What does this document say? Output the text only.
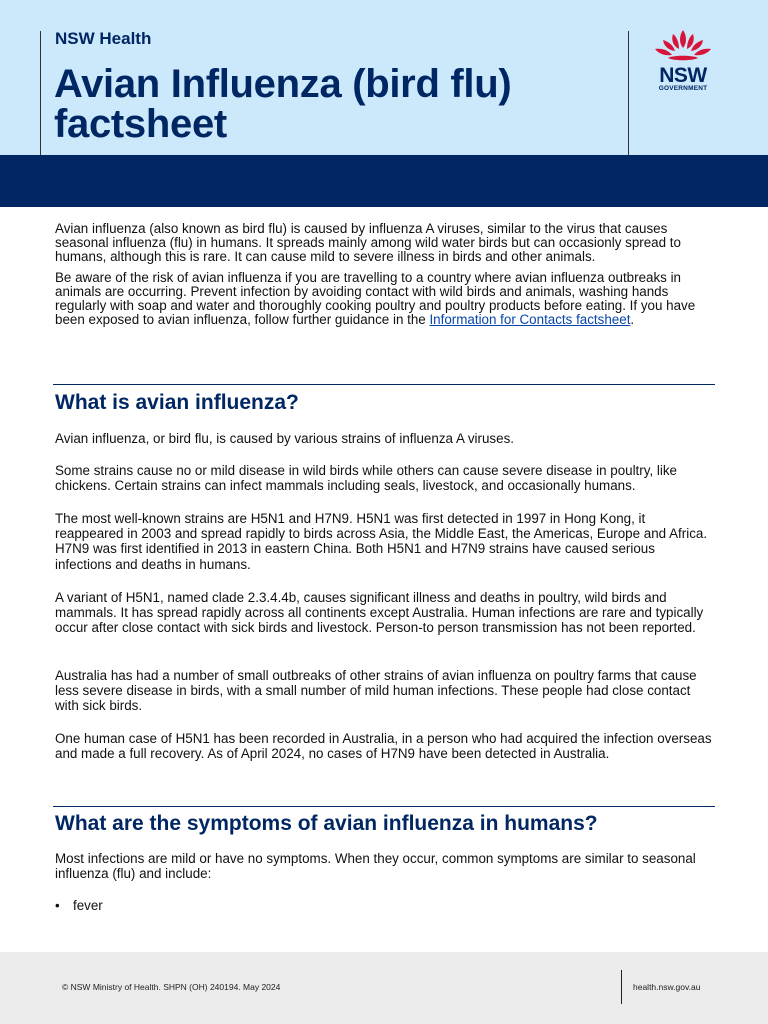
NSW Health
Avian Influenza (bird flu) factsheet
NSW
GOVERNMENT

Avian influenza (also known as bird flu) is caused by influenza A viruses, similar to the virus that causes seasonal influenza (flu) in humans. It spreads mainly among wild water birds but can occasionly spread to humans, although this is rare. It can cause mild to severe illness in birds and other animals.

Be aware of the risk of avian influenza if you are travelling to a country where avian influenza outbreaks in animals are occurring. Prevent infection by avoiding contact with wild birds and animals, washing hands regularly with soap and water and thoroughly cooking poultry and poultry products before eating. If you have been exposed to avian influenza, follow further guidance in the Information for Contacts factsheet.

What is avian influenza?
Avian influenza, or bird flu, is caused by various strains of influenza A viruses.
Some strains cause no or mild disease in wild birds while others can cause severe disease in poultry, like chickens. Certain strains can infect mammals including seals, livestock, and occasionally humans.
The most well-known strains are H5N1 and H7N9. H5N1 was first detected in 1997 in Hong Kong, it reappeared in 2003 and spread rapidly to birds across Asia, the Middle East, the Americas, Europe and Africa. H7N9 was first identified in 2013 in eastern China. Both H5N1 and H7N9 strains have caused serious infections and deaths in humans.
A variant of H5N1, named clade 2.3.4.4b, causes significant illness and deaths in poultry, wild birds and mammals. It has spread rapidly across all continents except Australia. Human infections are rare and typically occur after close contact with sick birds and livestock. Person-to person transmission has not been reported.
Australia has had a number of small outbreaks of other strains of avian influenza on poultry farms that cause less severe disease in birds, with a small number of mild human infections. These people had close contact with sick birds.
One human case of H5N1 has been recorded in Australia, in a person who had acquired the infection overseas and made a full recovery. As of April 2024, no cases of H7N9 have been detected in Australia.
What are the symptoms of avian influenza in humans?
Most infections are mild or have no symptoms. When they occur, common symptoms are similar to seasonal influenza (flu) and include:
• fever
© NSW Ministry of Health. SHPN (OH) 240194. May 2024	health.nsw.gov.au
